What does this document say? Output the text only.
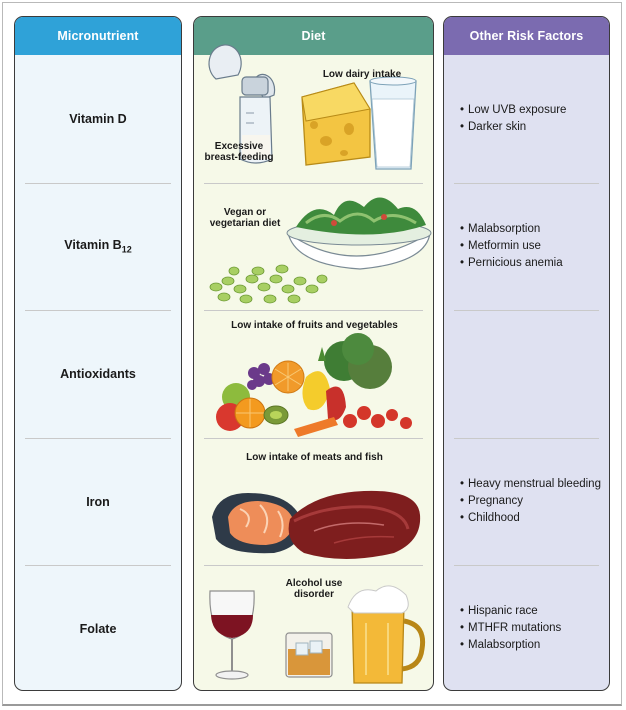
Micronutrient
Vitamin D
Vitamin $B_{12}$
Antioxidants
Iron
Folate
Diet
Low dairy intake
Excessive breast-feeding
Vegan or vegetarian diet
Low intake of fruits and vegetables
Low intake of meats and fish
Alcohol use disorder
Other Risk Factors
• Low UVB exposure
• Darker skin
• Malabsorption
• Metformin use
• Pernicious anemia
• Heavy menstrual bleeding
• Pregnancy
• Childhood
• Hispanic race
• MTHFR mutations
• Malabsorption
